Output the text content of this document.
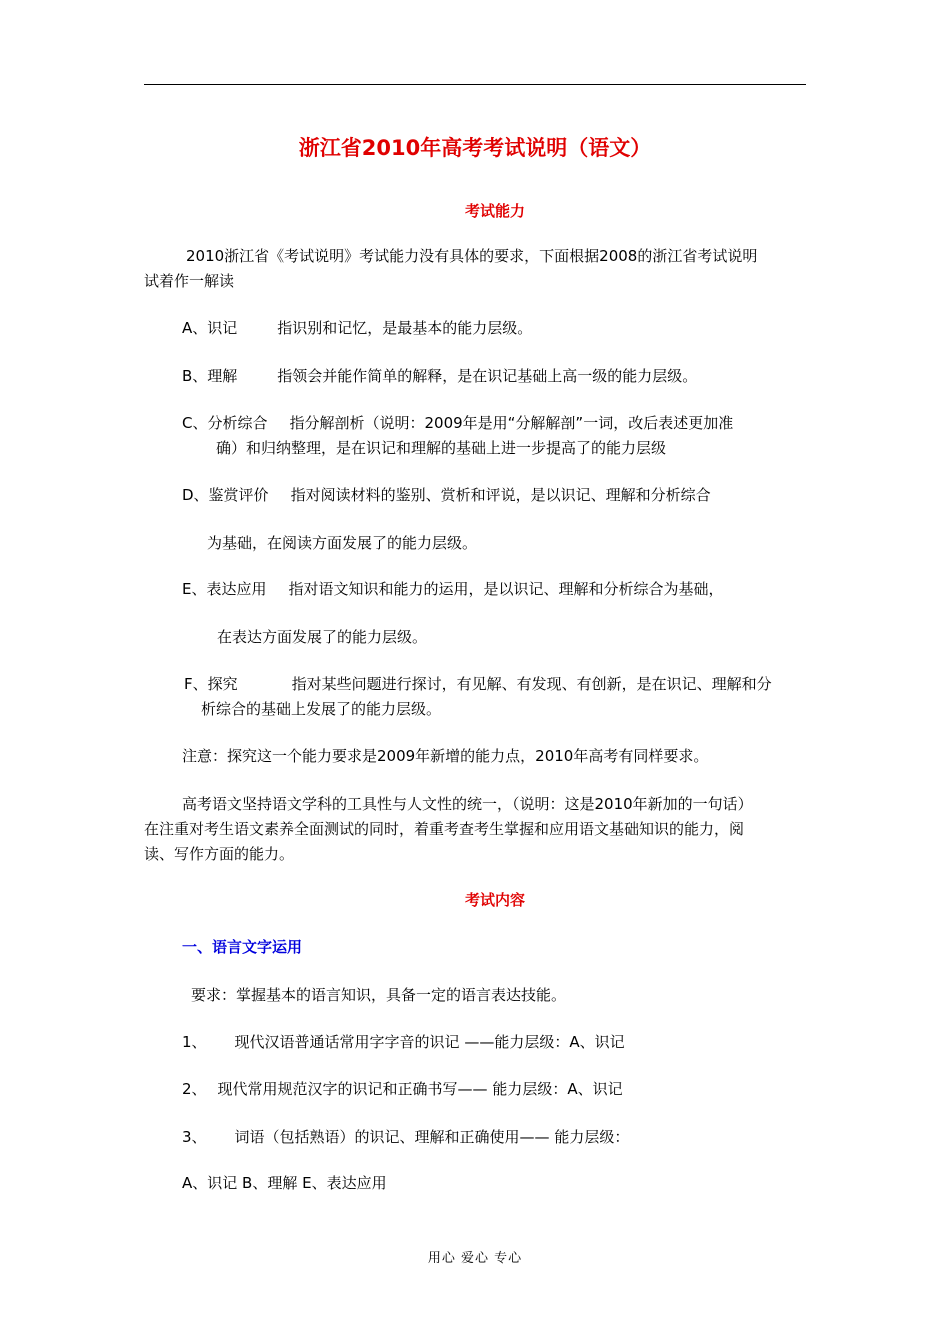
浙江省2010年高考考试说明（语文）
考试能力
2010浙江省《考试说明》考试能力没有具体的要求，下面根据2008的浙江省考试说明
试着作一解读
A、识记	指识别和记忆，是最基本的能力层级。
B、理解	指领会并能作简单的解释，是在识记基础上高一级的能力层级。
C、分析综合 指分解剖析（说明：2009年是用“分解解剖”一词，改后表述更加准
确）和归纳整理，是在识记和理解的基础上进一步提高了的能力层级
D、鉴赏评价 指对阅读材料的鉴别、赏析和评说，是以识记、理解和分析综合
为基础，在阅读方面发展了的能力层级。
E、表达应用 指对语文知识和能力的运用，是以识记、理解和分析综合为基础，
在表达方面发展了的能力层级。
F、探究	指对某些问题进行探讨，有见解、有发现、有创新，是在识记、理解和分
析综合的基础上发展了的能力层级。
注意：探究这一个能力要求是2009年新增的能力点，2010年高考有同样要求。
高考语文坚持语文学科的工具性与人文性的统一，（说明：这是2010年新加的一句话）
在注重对考生语文素养全面测试的同时，着重考查考生掌握和应用语文基础知识的能力，阅
读、写作方面的能力。
考试内容
一、语言文字运用
要求：掌握基本的语言知识，具备一定的语言表达技能。
1、 现代汉语普通话常用字字音的识记 ——能力层级：A、识记
2、 现代常用规范汉字的识记和正确书写—— 能力层级：A、识记
3、 词语（包括熟语）的识记、理解和正确使用—— 能力层级：
A、识记 B、理解 E、表达应用
用心 爱心 专心
